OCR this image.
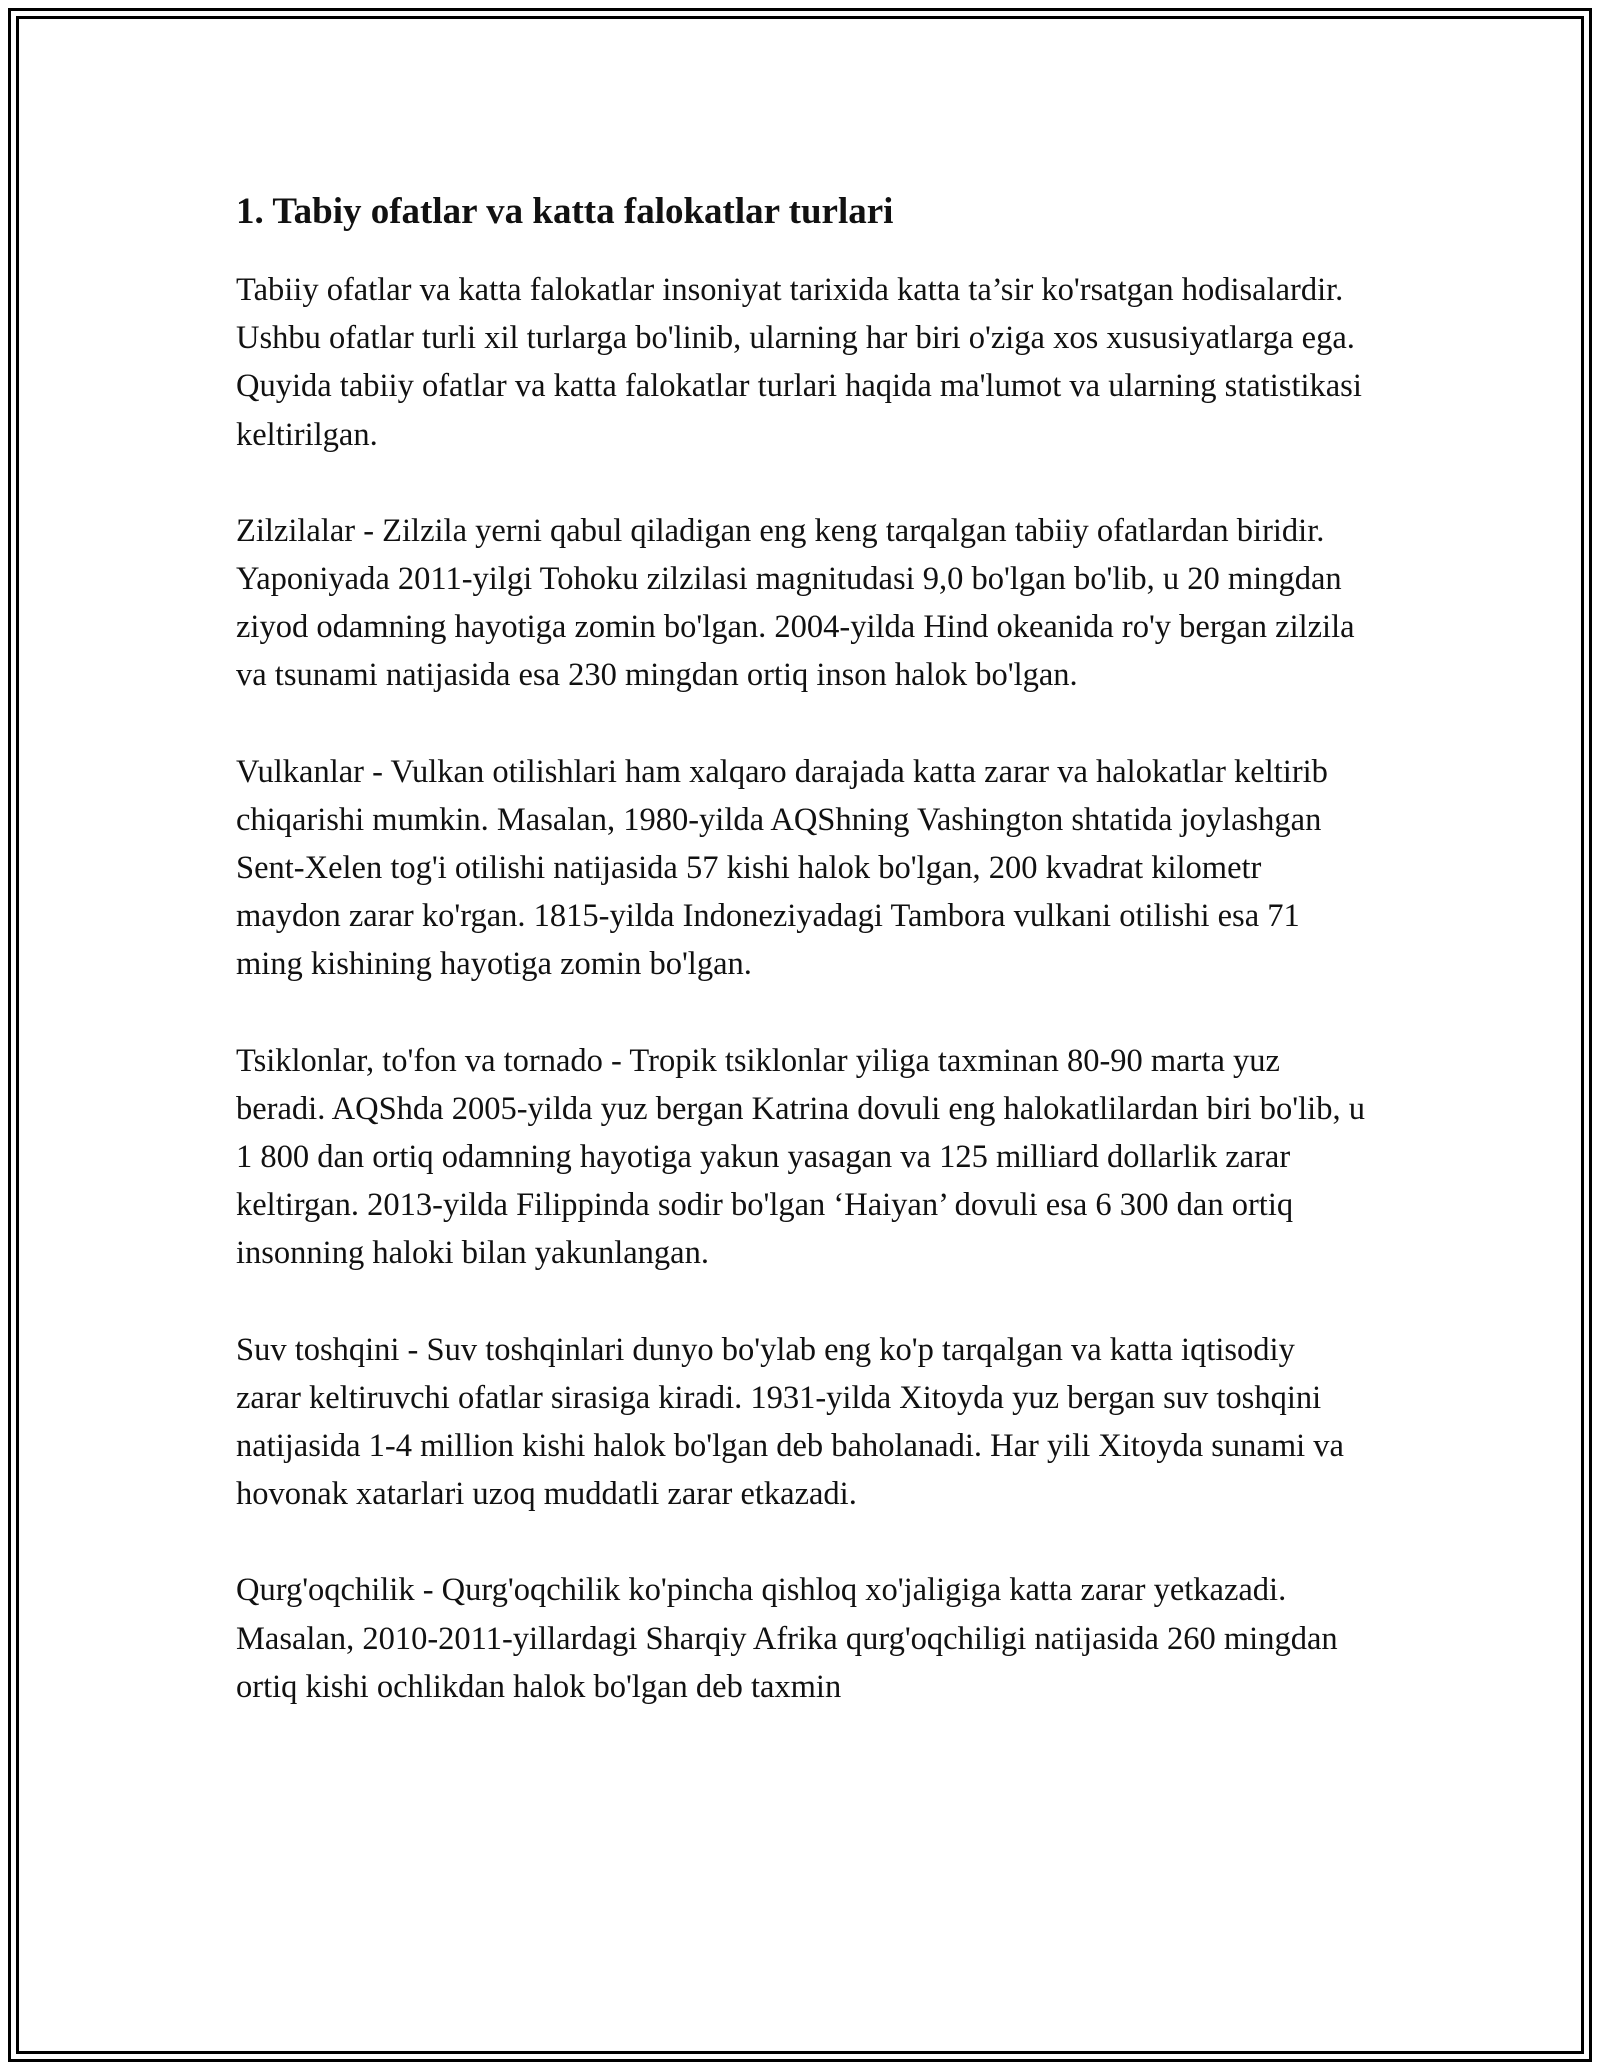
1. Tabiy ofatlar va katta falokatlar turlari

Tabiiy ofatlar va katta falokatlar insoniyat tarixida katta ta’sir ko'rsatgan hodisalardir. Ushbu ofatlar turli xil turlarga bo'linib, ularning har biri o'ziga xos xususiyatlarga ega. Quyida tabiiy ofatlar va katta falokatlar turlari haqida ma'lumot va ularning statistikasi keltirilgan.

Zilzilalar - Zilzila yerni qabul qiladigan eng keng tarqalgan tabiiy ofatlardan biridir. Yaponiyada 2011-yilgi Tohoku zilzilasi magnitudasi 9,0 bo'lgan bo'lib, u 20 mingdan ziyod odamning hayotiga zomin bo'lgan. 2004-yilda Hind okeanida ro'y bergan zilzila va tsunami natijasida esa 230 mingdan ortiq inson halok bo'lgan.

Vulkanlar - Vulkan otilishlari ham xalqaro darajada katta zarar va halokatlar keltirib chiqarishi mumkin. Masalan, 1980-yilda AQShning Vashington shtatida joylashgan Sent-Xelen tog'i otilishi natijasida 57 kishi halok bo'lgan, 200 kvadrat kilometr maydon zarar ko'rgan. 1815-yilda Indoneziyadagi Tambora vulkani otilishi esa 71 ming kishining hayotiga zomin bo'lgan.

Tsiklonlar, to'fon va tornado - Tropik tsiklonlar yiliga taxminan 80-90 marta yuz beradi. AQShda 2005-yilda yuz bergan Katrina dovuli eng halokatlilardan biri bo'lib, u 1 800 dan ortiq odamning hayotiga yakun yasagan va 125 milliard dollarlik zarar keltirgan. 2013-yilda Filippinda sodir bo'lgan ‘Haiyan’ dovuli esa 6 300 dan ortiq insonning haloki bilan yakunlangan.

Suv toshqini - Suv toshqinlari dunyo bo'ylab eng ko'p tarqalgan va katta iqtisodiy zarar keltiruvchi ofatlar sirasiga kiradi. 1931-yilda Xitoyda yuz bergan suv toshqini natijasida 1-4 million kishi halok bo'lgan deb baholanadi. Har yili Xitoyda sunami va hovonak xatarlari uzoq muddatli zarar etkazadi.

Qurg'oqchilik - Qurg'oqchilik ko'pincha qishloq xo'jaligiga katta zarar yetkazadi. Masalan, 2010-2011-yillardagi Sharqiy Afrika qurg'oqchiligi natijasida 260 mingdan ortiq kishi ochlikdan halok bo'lgan deb taxmin
